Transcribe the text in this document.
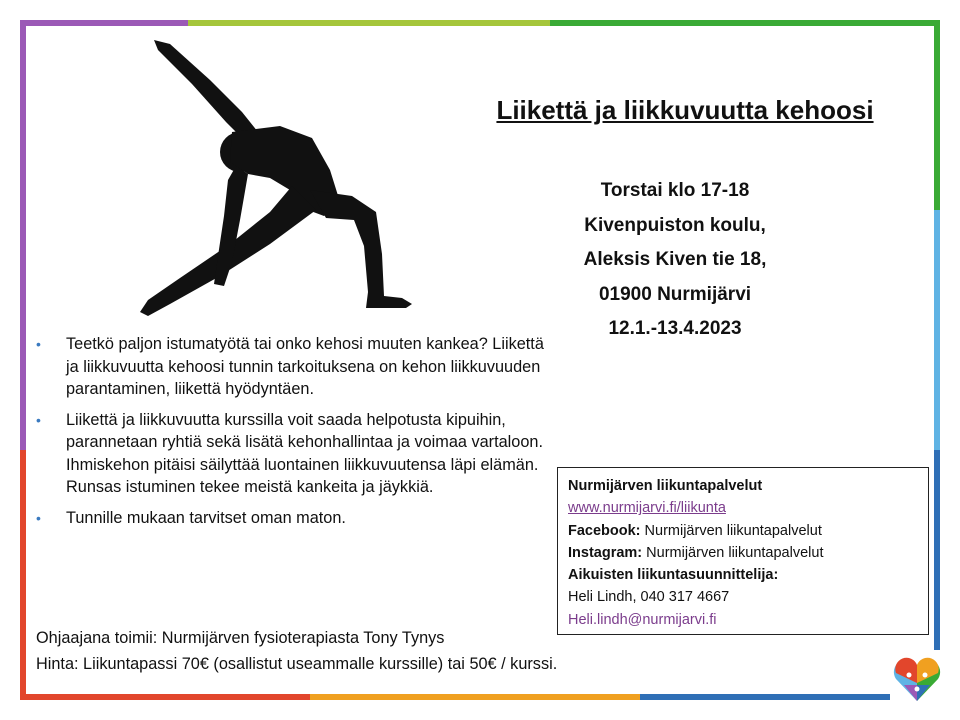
Liikettä ja liikkuvuutta kehoosi
Torstai klo 17-18
Kivenpuiston koulu,
Aleksis Kiven tie 18,
01900 Nurmijärvi
12.1.-13.4.2023
• Teetkö paljon istumatyötä tai onko kehosi muuten kankea? Liikettä ja liikkuvuutta kehoosi tunnin tarkoituksena on kehon liikkuvuuden parantaminen, liikettä hyödyntäen.
• Liikettä ja liikkuvuutta kurssilla voit saada helpotusta kipuihin, parannetaan ryhtiä sekä lisätä kehonhallintaa ja voimaa vartaloon. Ihmiskehon pitäisi säilyttää luontainen liikkuvuutensa läpi elämän. Runsas istuminen tekee meistä kankeita ja jäykkiä.
• Tunnille mukaan tarvitset oman maton.
Ohjaajana toimii: Nurmijärven fysioterapiasta Tony Tynys
Hinta: Liikuntapassi 70€ (osallistut useammalle kurssille) tai 50€ / kurssi.
Nurmijärven liikuntapalvelut
www.nurmijarvi.fi/liikunta
Facebook: Nurmijärven liikuntapalvelut
Instagram: Nurmijärven liikuntapalvelut
Aikuisten liikuntasuunnittelija:
Heli Lindh, 040 317 4667
Heli.lindh@nurmijarvi.fi
